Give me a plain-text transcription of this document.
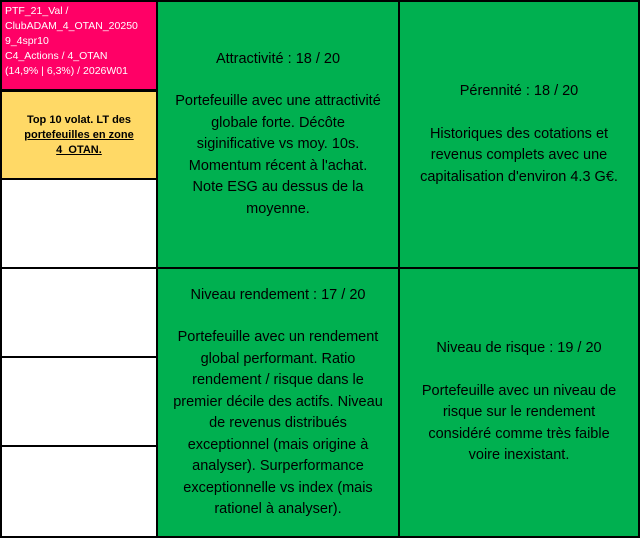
PTF_21_Val /
ClubADAM_4_OTAN_20250
9_4spr10
C4_Actions / 4_OTAN
(14,9% | 6,3%) / 2026W01
Top 10 volat. LT des
portefeuilles en zone
4_OTAN.
Attractivité : 18 / 20
Portefeuille avec une attractivité
globale forte. Décôte
siginificative vs moy. 10s.
Momentum récent à l'achat.
Note ESG au dessus de la
moyenne.
Pérennité : 18 / 20
Historiques des cotations et
revenus complets avec une
capitalisation d'environ 4.3 G€.
Niveau rendement : 17 / 20
Portefeuille avec un rendement
global performant. Ratio
rendement / risque dans le
premier décile des actifs. Niveau
de revenus distribués
exceptionnel (mais origine à
analyser). Surperformance
exceptionnelle vs index (mais
rationel à analyser).
Niveau de risque : 19 / 20
Portefeuille avec un niveau de
risque sur le rendement
considéré comme très faible
voire inexistant.
